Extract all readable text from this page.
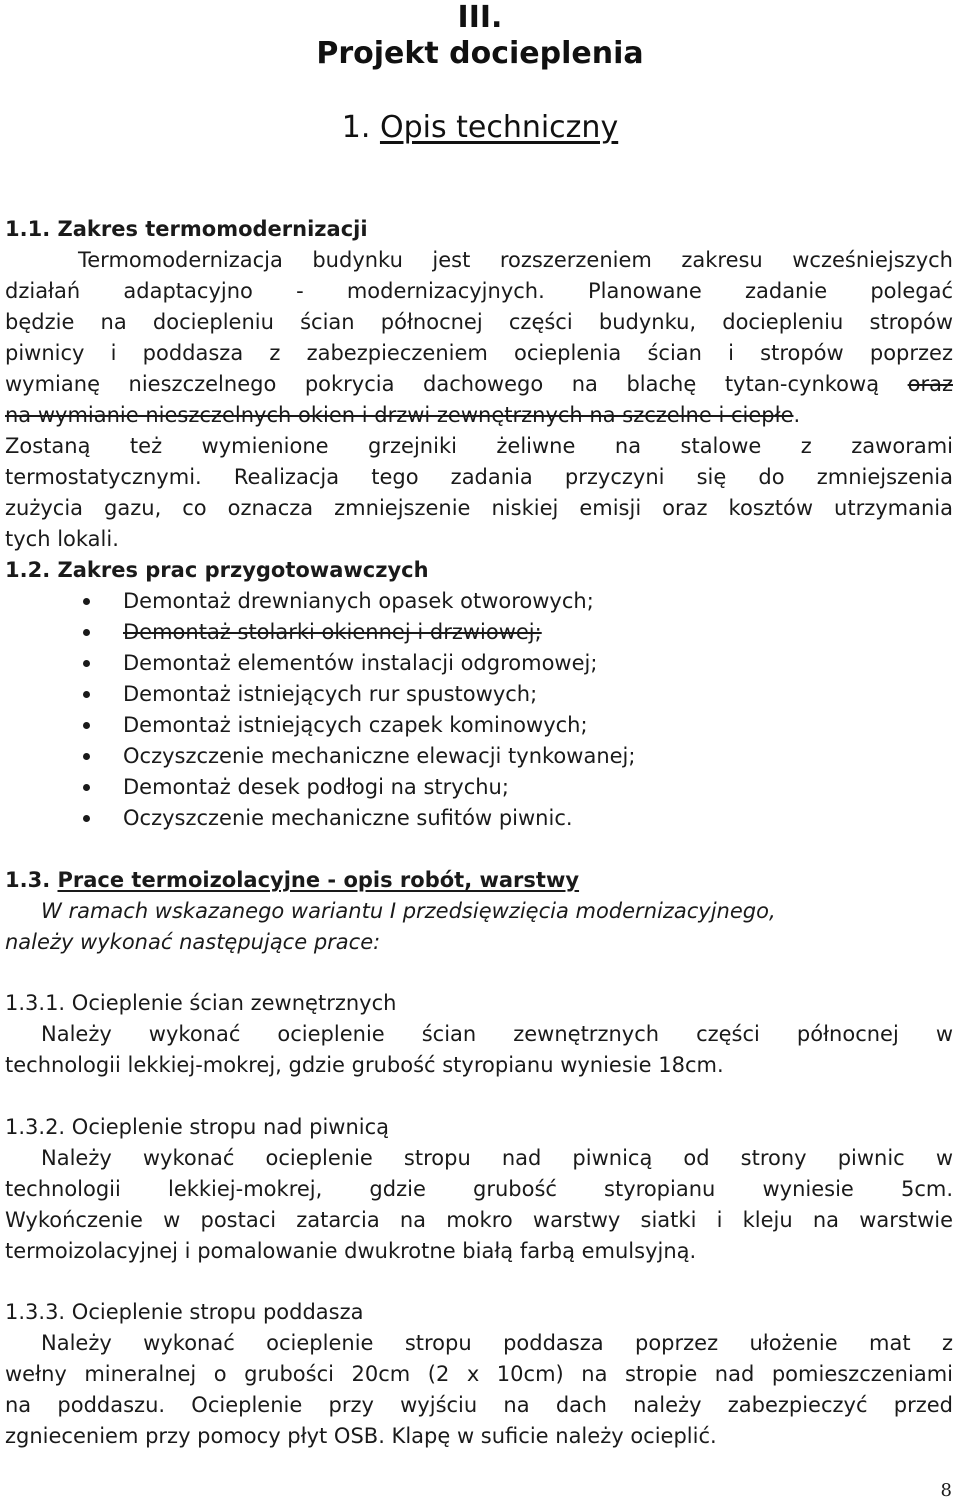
III.
Projekt docieplenia
1. Opis techniczny
1.1. Zakres termomodernizacji
Termomodernizacja budynku jest rozszerzeniem zakresu wcześniejszych
działań adaptacyjno - modernizacyjnych. Planowane zadanie polegać
będzie na dociepleniu ścian północnej części budynku, dociepleniu stropów
piwnicy i poddasza z zabezpieczeniem ocieplenia ścian i stropów poprzez
wymianę nieszczelnego pokrycia dachowego na blachę tytan-cynkową oraz
na wymianie nieszczelnych okien i drzwi zewnętrznych na szczelne i ciepłe.
Zostaną też wymienione grzejniki żeliwne na stalowe z zaworami
termostatycznymi. Realizacja tego zadania przyczyni się do zmniejszenia
zużycia gazu, co oznacza zmniejszenie niskiej emisji oraz kosztów utrzymania
tych lokali.
1.2. Zakres prac przygotowawczych
Demontaż drewnianych opasek otworowych;
Demontaż stolarki okiennej i drzwiowej;
Demontaż elementów instalacji odgromowej;
Demontaż istniejących rur spustowych;
Demontaż istniejących czapek kominowych;
Oczyszczenie mechaniczne elewacji tynkowanej;
Demontaż desek podłogi na strychu;
Oczyszczenie mechaniczne sufitów piwnic.
1.3. Prace termoizolacyjne - opis robót, warstwy
W ramach wskazanego wariantu I przedsięwzięcia modernizacyjnego,
należy wykonać następujące prace:
1.3.1. Ocieplenie ścian zewnętrznych
Należy wykonać ocieplenie ścian zewnętrznych części północnej w
technologii lekkiej-mokrej, gdzie grubość styropianu wyniesie 18cm.
1.3.2. Ocieplenie stropu nad piwnicą
Należy wykonać ocieplenie stropu nad piwnicą od strony piwnic w
technologii lekkiej-mokrej, gdzie grubość styropianu wyniesie 5cm.
Wykończenie w postaci zatarcia na mokro warstwy siatki i kleju na warstwie
termoizolacyjnej i pomalowanie dwukrotne białą farbą emulsyjną.
1.3.3. Ocieplenie stropu poddasza
Należy wykonać ocieplenie stropu poddasza poprzez ułożenie mat z
wełny mineralnej o grubości 20cm (2 x 10cm) na stropie nad pomieszczeniami
na poddaszu. Ocieplenie przy wyjściu na dach należy zabezpieczyć przed
zgnieceniem przy pomocy płyt OSB. Klapę w suficie należy ocieplić.
8
